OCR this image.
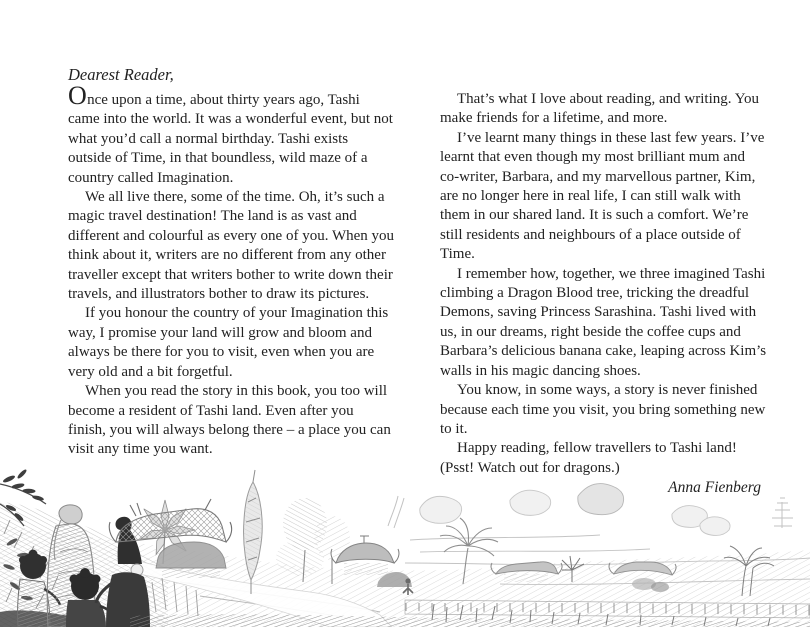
Dearest Reader,

Once upon a time, about thirty years ago, Tashi came into the world. It was a wonderful event, but not what you’d call a normal birthday. Tashi exists outside of Time, in that boundless, wild maze of a country called Imagination.

We all live there, some of the time. Oh, it’s such a magic travel destination! The land is as vast and different and colourful as every one of you. When you think about it, writers are no different from any other traveller except that writers bother to write down their travels, and illustrators bother to draw its pictures.

If you honour the country of your Imagination this way, I promise your land will grow and bloom and always be there for you to visit, even when you are very old and a bit forgetful.

When you read the story in this book, you too will become a resident of Tashi land. Even after you finish, you will always belong there – a place you can visit any time you want.

That’s what I love about reading, and writing. You make friends for a lifetime, and more.

I’ve learnt many things in these last few years. I’ve learnt that even though my most brilliant mum and co-writer, Barbara, and my marvellous partner, Kim, are no longer here in real life, I can still walk with them in our shared land. It is such a comfort. We’re still residents and neighbours of a place outside of Time.

I remember how, together, we three imagined Tashi climbing a Dragon Blood tree, tricking the dreadful Demons, saving Princess Sarashina. Tashi lived with us, in our dreams, right beside the coffee cups and Barbara’s delicious banana cake, leaping across Kim’s walls in his magic dancing shoes.

You know, in some ways, a story is never finished because each time you visit, you bring something new to it.

Happy reading, fellow travellers to Tashi land!

(Psst! Watch out for dragons.)

Anna Fienberg
